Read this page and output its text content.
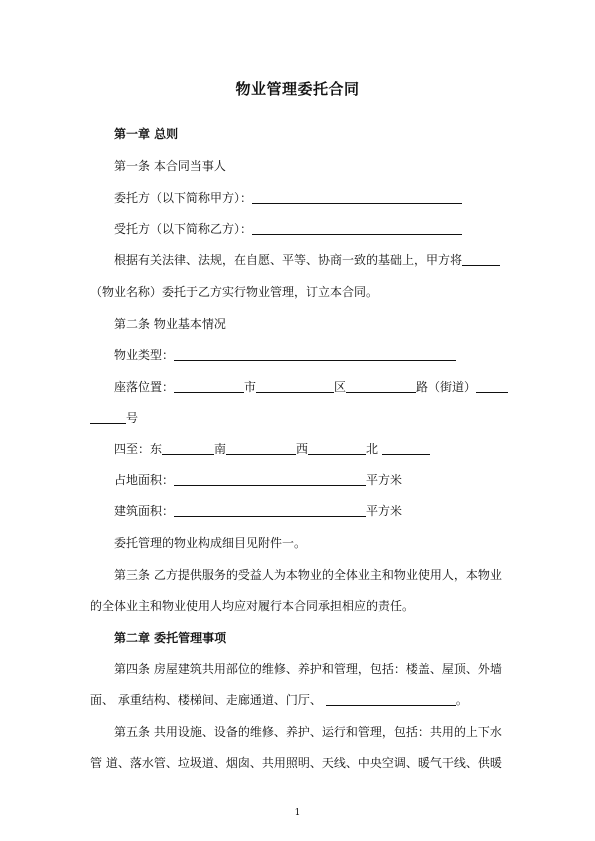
物业管理委托合同
第一章 总则
第一条 本合同当事人
委托方（以下简称甲方）：
受托方（以下简称乙方）：
根据有关法律、法规，在自愿、平等、协商一致的基础上，甲方将
（物业名称）委托于乙方实行物业管理，订立本合同。
第二条 物业基本情况
物业类型：
座落位置：	市	区	路（街道）
号
四至：东	南	西	北
占地面积：	平方米
建筑面积：	平方米
委托管理的物业构成细目见附件一。
第三条 乙方提供服务的受益人为本物业的全体业主和物业使用人，本物业
的全体业主和物业使用人均应对履行本合同承担相应的责任。
第二章 委托管理事项
第四条 房屋建筑共用部位的维修、养护和管理，包括：楼盖、屋顶、外墙
面、 承重结构、楼梯间、走廊通道、门厅、	。
第五条 共用设施、设备的维修、养护、运行和管理，包括：共用的上下水
管 道、落水管、垃圾道、烟囱、共用照明、天线、中央空调、暖气干线、供暖
1
